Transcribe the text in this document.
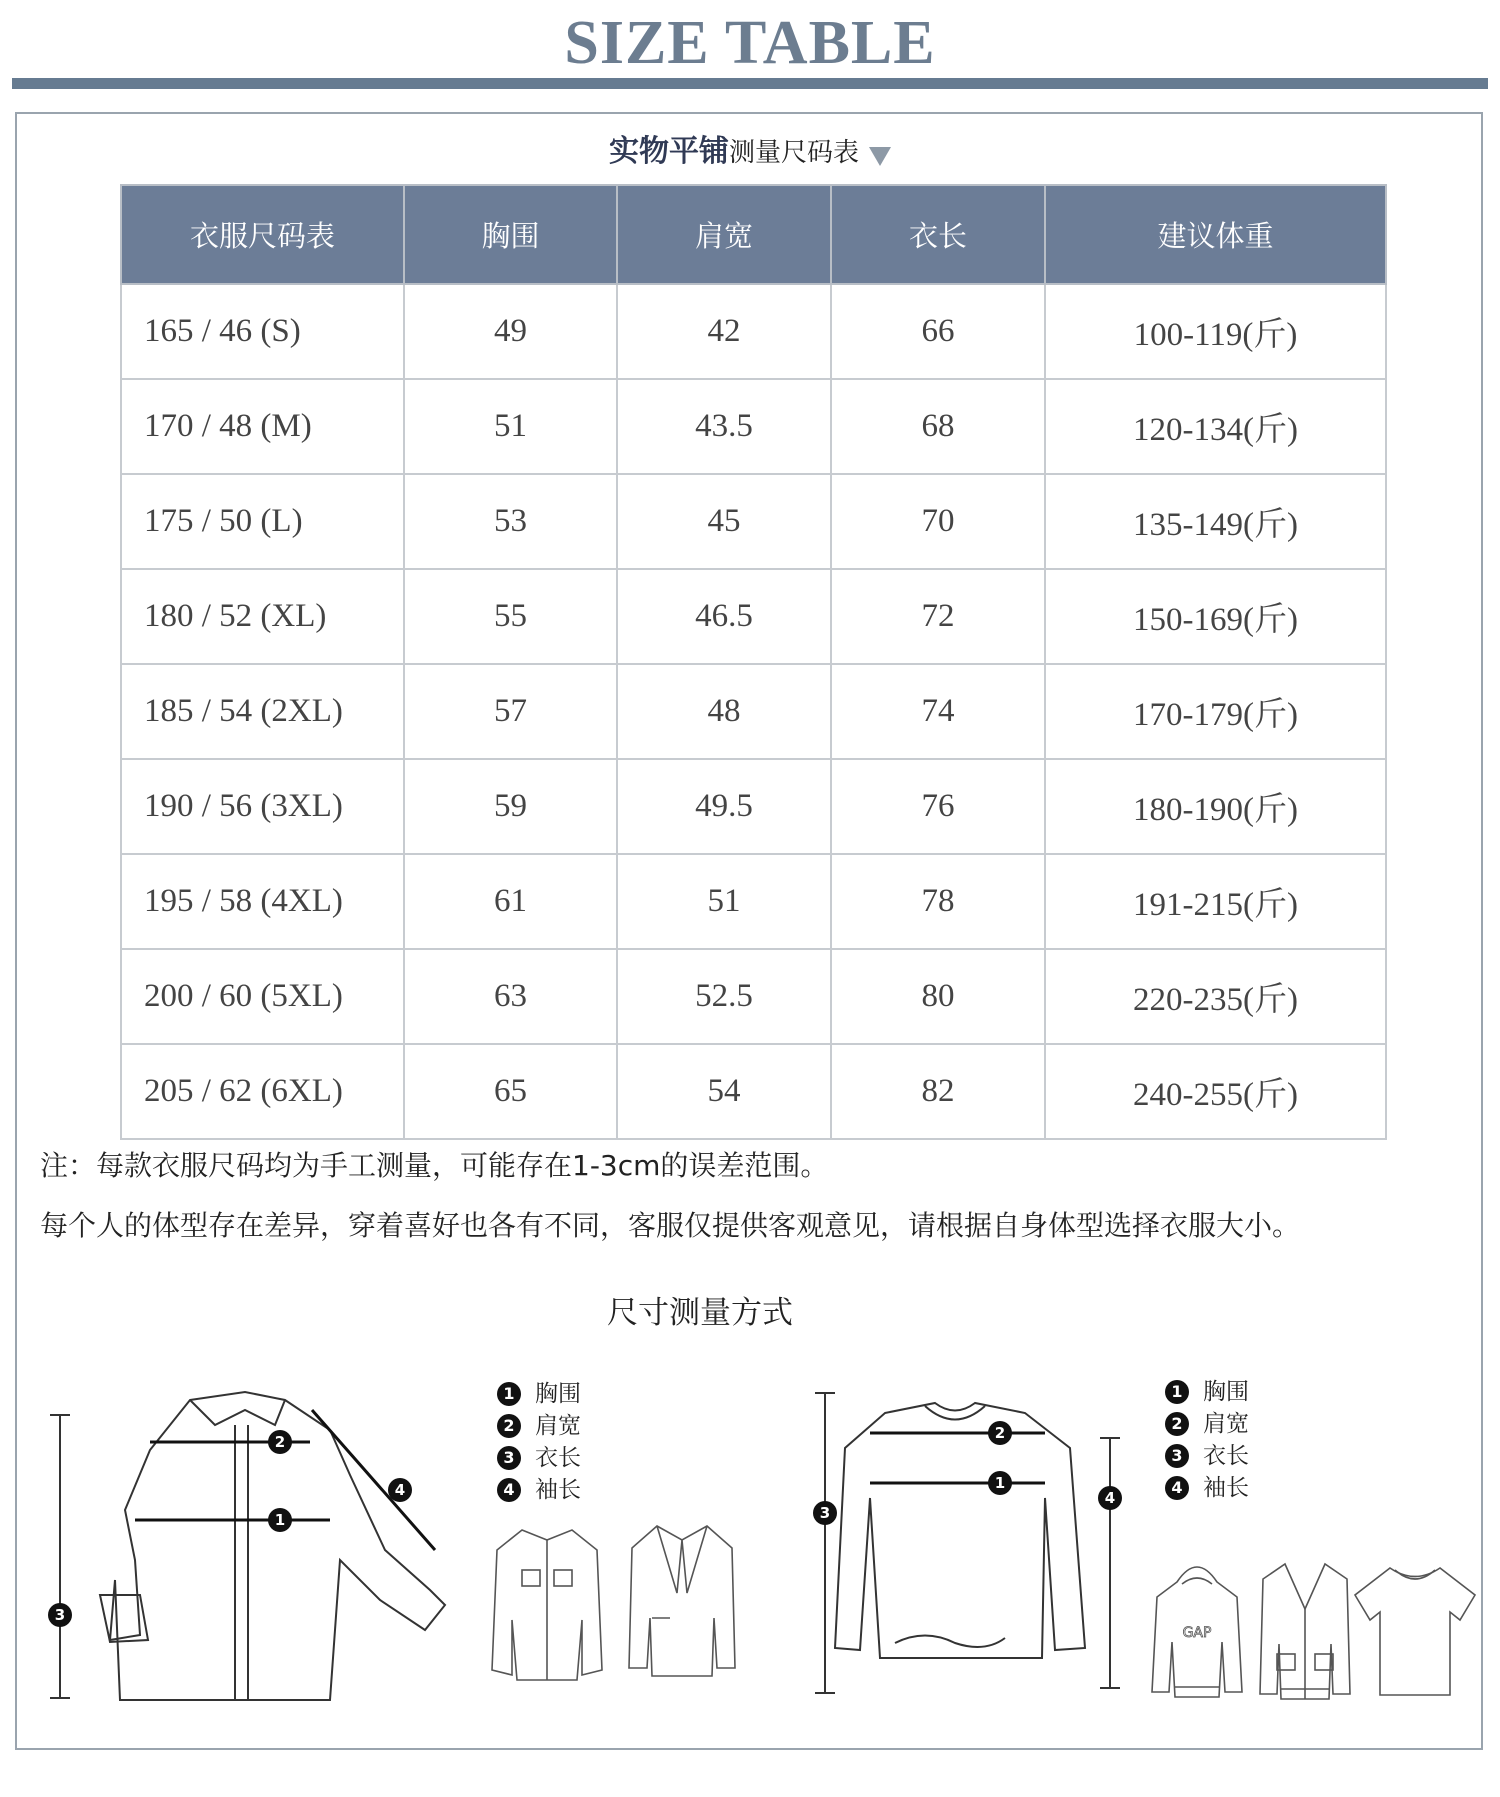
SIZE TABLE
实物平铺测量尺码表
衣服尺码表	胸围	肩宽	衣长	建议体重
165 / 46 (S)	49	42	66	100-119(斤)
170 / 48 (M)	51	43.5	68	120-134(斤)
175 / 50 (L)	53	45	70	135-149(斤)
180 / 52 (XL)	55	46.5	72	150-169(斤)
185 / 54 (2XL)	57	48	74	170-179(斤)
190 / 56 (3XL)	59	49.5	76	180-190(斤)
195 / 58 (4XL)	61	51	78	191-215(斤)
200 / 60 (5XL)	63	52.5	80	220-235(斤)
205 / 62 (6XL)	65	54	82	240-255(斤)
注：每款衣服尺码均为手工测量，可能存在1-3cm的误差范围。
每个人的体型存在差异，穿着喜好也各有不同，客服仅提供客观意见，请根据自身体型选择衣服大小。
尺寸测量方式
2
1
4
3
1 胸围
2 肩宽
3 衣长
4 袖长
2
1
3
4
1 胸围
2 肩宽
3 衣长
4 袖长
GAP
